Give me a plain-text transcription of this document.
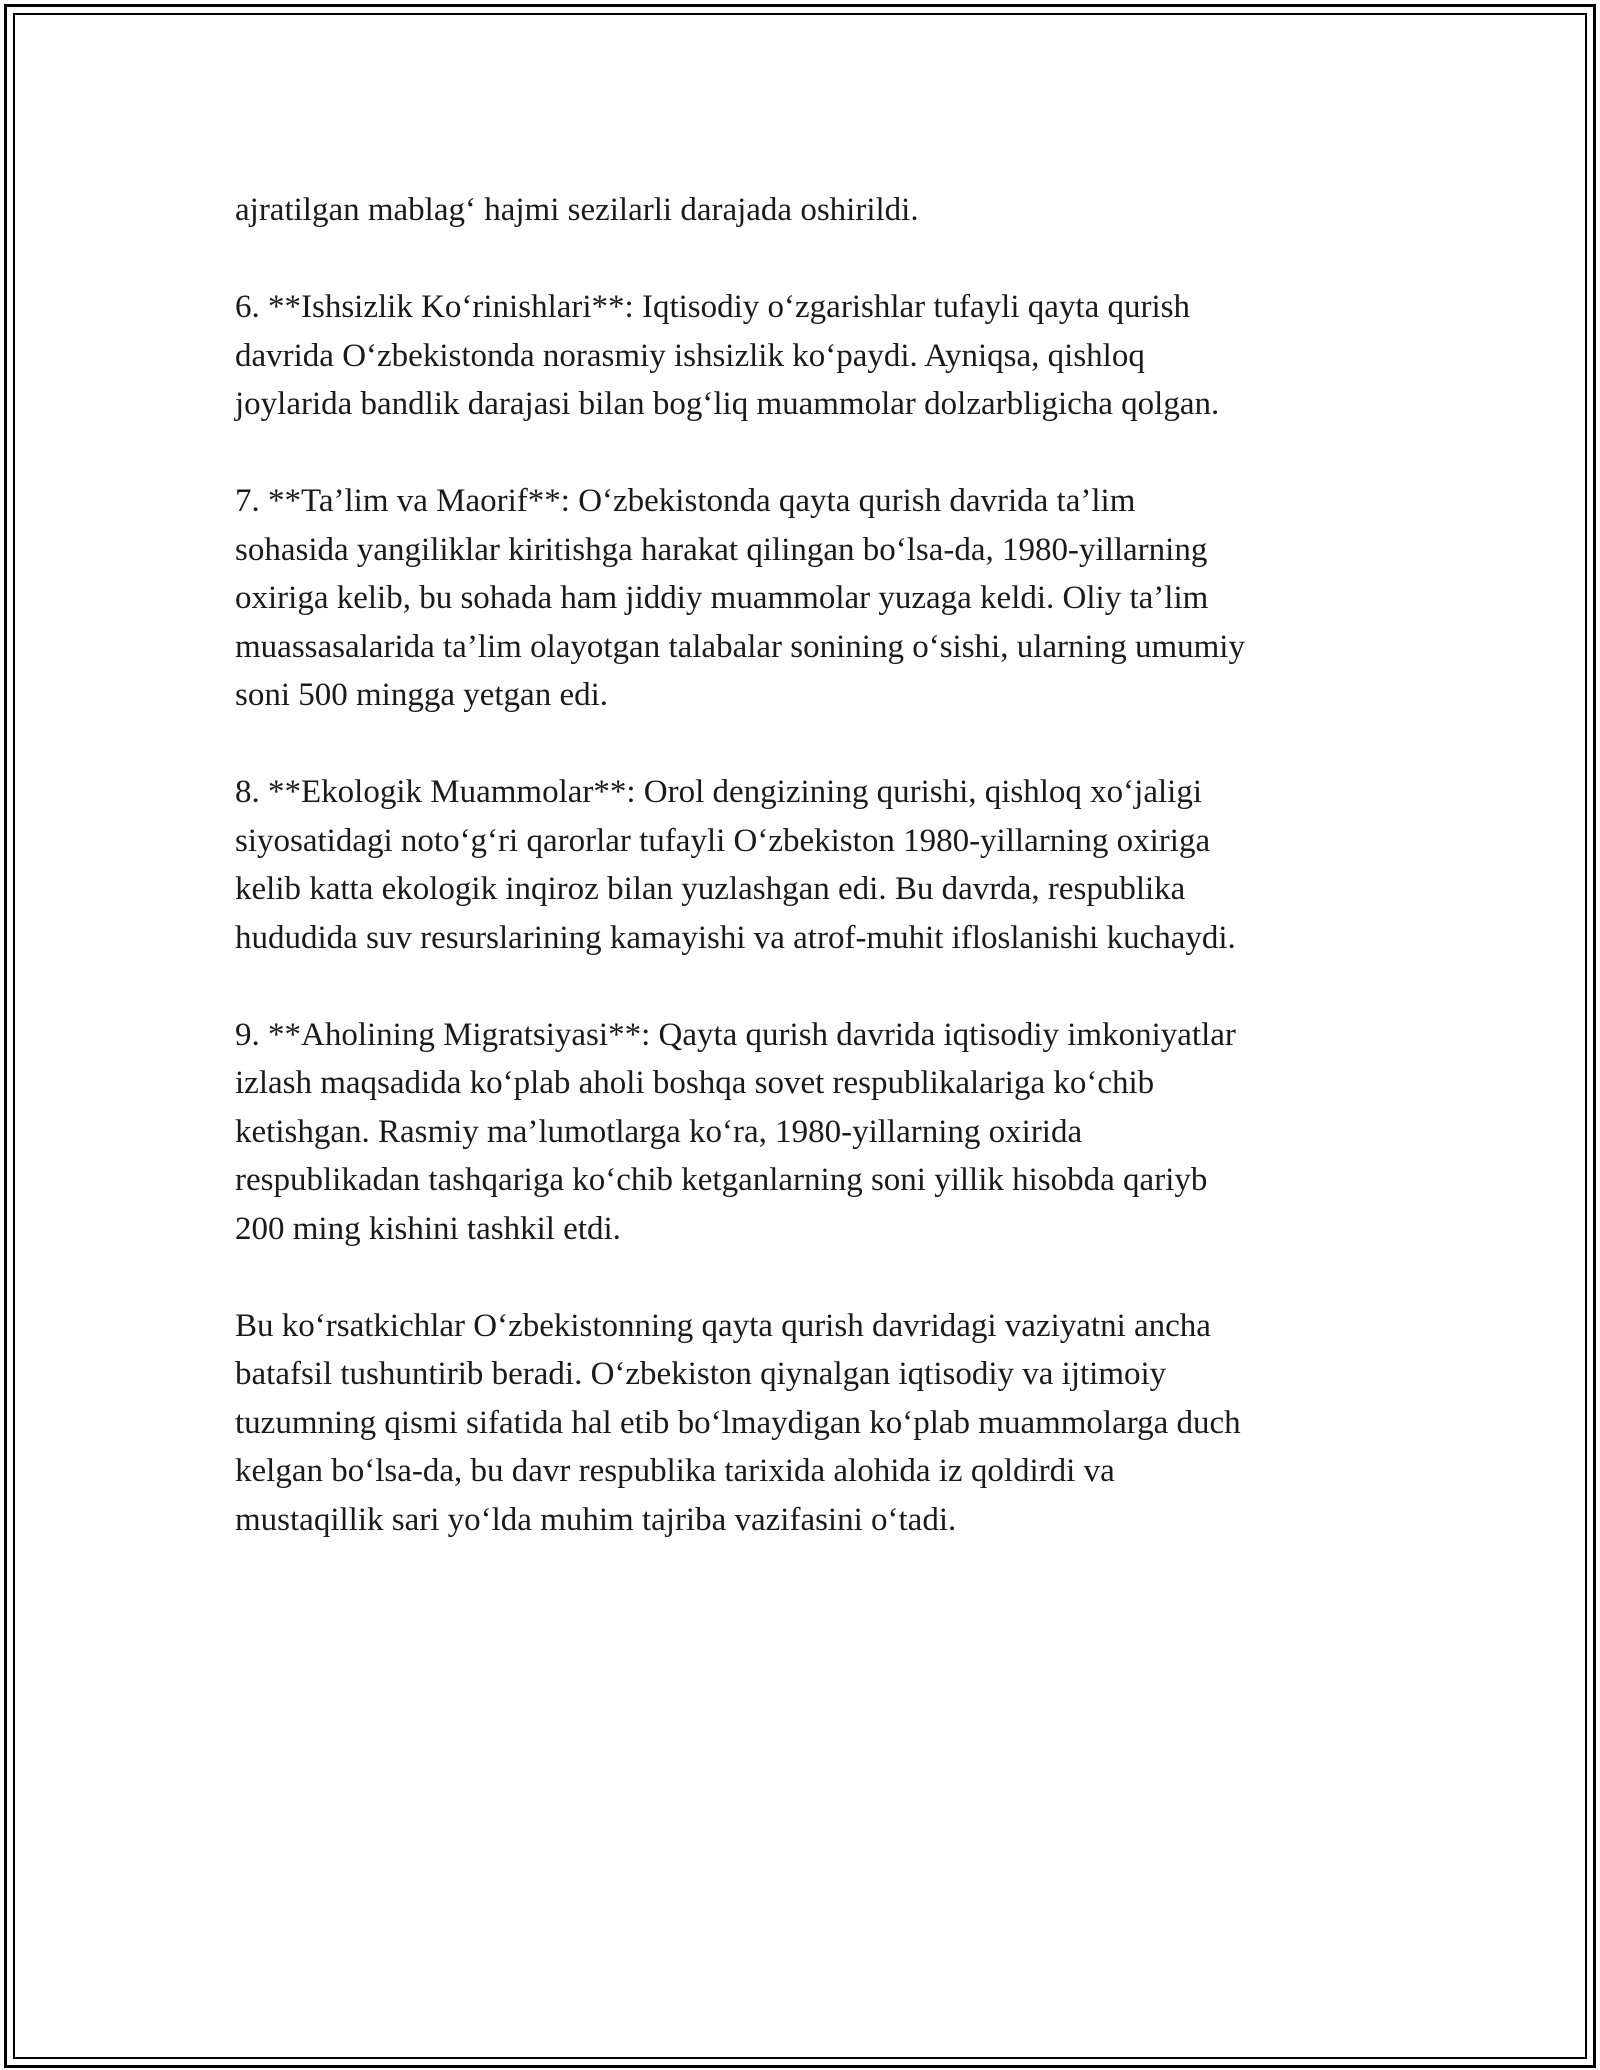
ajratilgan mablag‘ hajmi sezilarli darajada oshirildi.

6. **Ishsizlik Ko‘rinishlari**: Iqtisodiy o‘zgarishlar tufayli qayta qurish
davrida O‘zbekistonda norasmiy ishsizlik ko‘paydi. Ayniqsa, qishloq
joylarida bandlik darajasi bilan bog‘liq muammolar dolzarbligicha qolgan.

7. **Ta’lim va Maorif**: O‘zbekistonda qayta qurish davrida ta’lim
sohasida yangiliklar kiritishga harakat qilingan bo‘lsa-da, 1980-yillarning
oxiriga kelib, bu sohada ham jiddiy muammolar yuzaga keldi. Oliy ta’lim
muassasalarida ta’lim olayotgan talabalar sonining o‘sishi, ularning umumiy
soni 500 mingga yetgan edi.

8. **Ekologik Muammolar**: Orol dengizining qurishi, qishloq xo‘jaligi
siyosatidagi noto‘g‘ri qarorlar tufayli O‘zbekiston 1980-yillarning oxiriga
kelib katta ekologik inqiroz bilan yuzlashgan edi. Bu davrda, respublika
hududida suv resurslarining kamayishi va atrof-muhit ifloslanishi kuchaydi.

9. **Aholining Migratsiyasi**: Qayta qurish davrida iqtisodiy imkoniyatlar
izlash maqsadida ko‘plab aholi boshqa sovet respublikalariga ko‘chib
ketishgan. Rasmiy ma’lumotlarga ko‘ra, 1980-yillarning oxirida
respublikadan tashqariga ko‘chib ketganlarning soni yillik hisobda qariyb
200 ming kishini tashkil etdi.

Bu ko‘rsatkichlar O‘zbekistonning qayta qurish davridagi vaziyatni ancha
batafsil tushuntirib beradi. O‘zbekiston qiynalgan iqtisodiy va ijtimoiy
tuzumning qismi sifatida hal etib bo‘lmaydigan ko‘plab muammolarga duch
kelgan bo‘lsa-da, bu davr respublika tarixida alohida iz qoldirdi va
mustaqillik sari yo‘lda muhim tajriba vazifasini o‘tadi.
